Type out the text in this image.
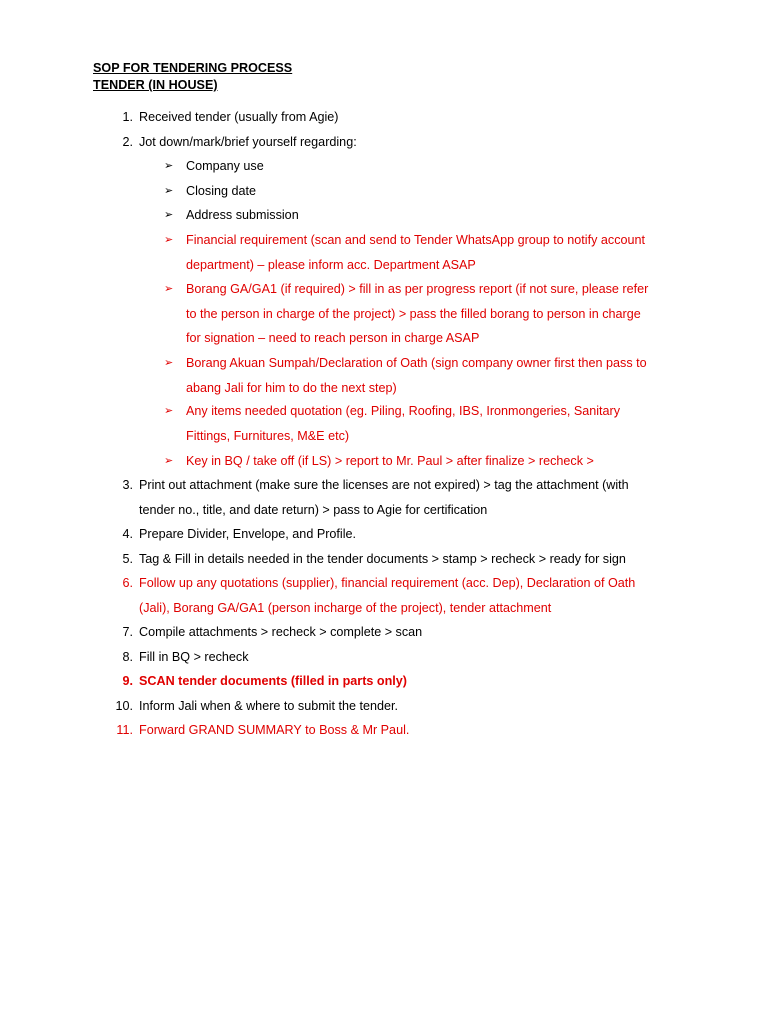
SOP FOR TENDERING PROCESS
TENDER (IN HOUSE)
1. Received tender (usually from Agie)
2. Jot down/mark/brief yourself regarding:
➢ Company use
➢ Closing date
➢ Address submission
➢ Financial requirement (scan and send to Tender WhatsApp group to notify account
department) – please inform acc. Department ASAP
➢ Borang GA/GA1 (if required) > fill in as per progress report (if not sure, please refer
to the person in charge of the project) > pass the filled borang to person in charge
for signation – need to reach person in charge ASAP
➢ Borang Akuan Sumpah/Declaration of Oath (sign company owner first then pass to
abang Jali for him to do the next step)
➢ Any items needed quotation (eg. Piling, Roofing, IBS, Ironmongeries, Sanitary
Fittings, Furnitures, M&E etc)
➢ Key in BQ / take off (if LS) > report to Mr. Paul > after finalize > recheck >
3. Print out attachment (make sure the licenses are not expired) > tag the attachment (with
tender no., title, and date return) > pass to Agie for certification
4. Prepare Divider, Envelope, and Profile.
5. Tag & Fill in details needed in the tender documents > stamp > recheck > ready for sign
6. Follow up any quotations (supplier), financial requirement (acc. Dep), Declaration of Oath
(Jali), Borang GA/GA1 (person incharge of the project), tender attachment
7. Compile attachments > recheck > complete > scan
8. Fill in BQ > recheck
9. SCAN tender documents (filled in parts only)
10. Inform Jali when & where to submit the tender.
11. Forward GRAND SUMMARY to Boss & Mr Paul.
